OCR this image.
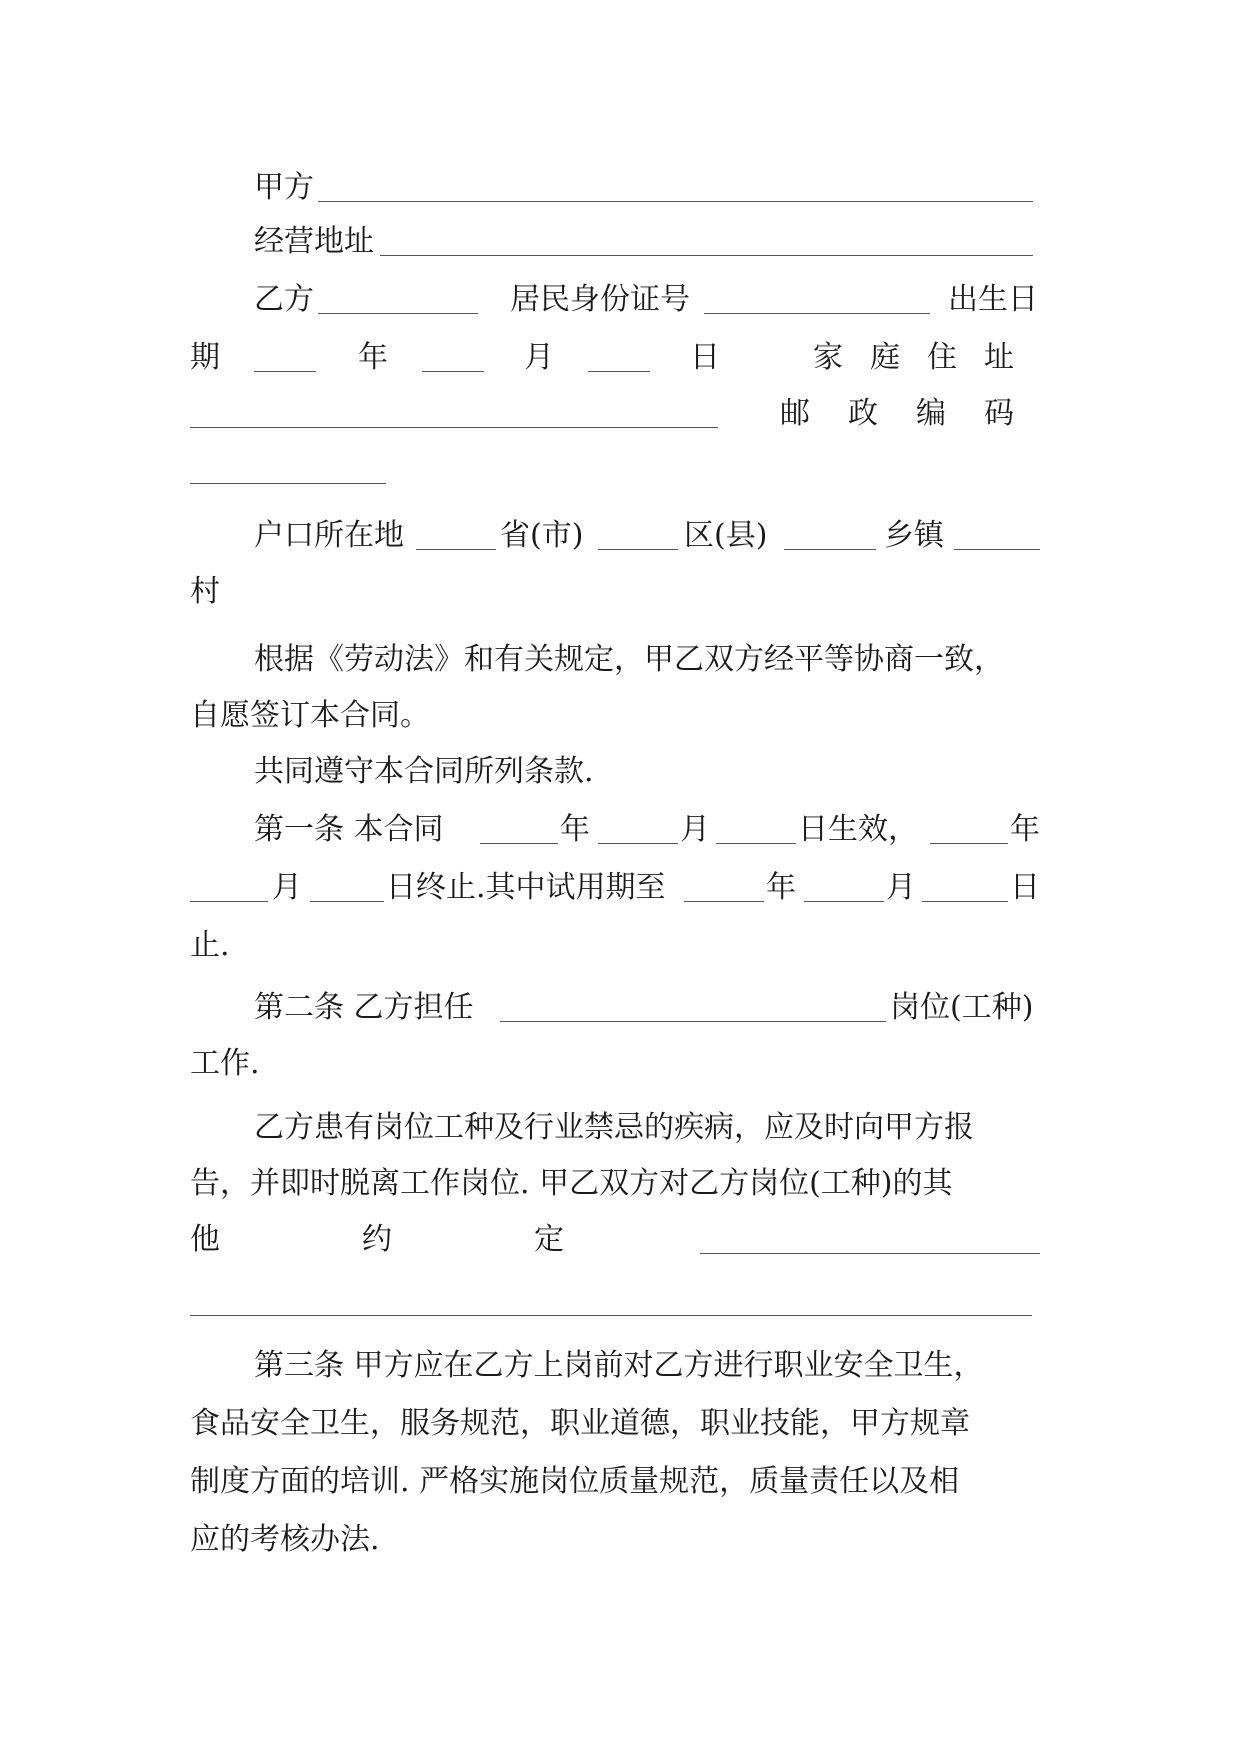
甲方
经营地址
乙方	居民身份证号	出生日
期	年	月	日	家 庭 住 址
邮 政 编 码
户口所在地	省(市)	区(县)	乡镇
村
根据《劳动法》和有关规定，甲乙双方经平等协商一致，
自愿签订本合同。
共同遵守本合同所列条款.
第一条 本合同	年	月	日生效，	年
月	日终止.其中试用期至	年	月	日
止.
第二条 乙方担任	岗位(工种)
工作.
乙方患有岗位工种及行业禁忌的疾病，应及时向甲方报
告，并即时脱离工作岗位. 甲乙双方对乙方岗位(工种)的其
他	约	定
第三条 甲方应在乙方上岗前对乙方进行职业安全卫生，
食品安全卫生，服务规范，职业道德，职业技能，甲方规章
制度方面的培训. 严格实施岗位质量规范，质量责任以及相
应的考核办法.
